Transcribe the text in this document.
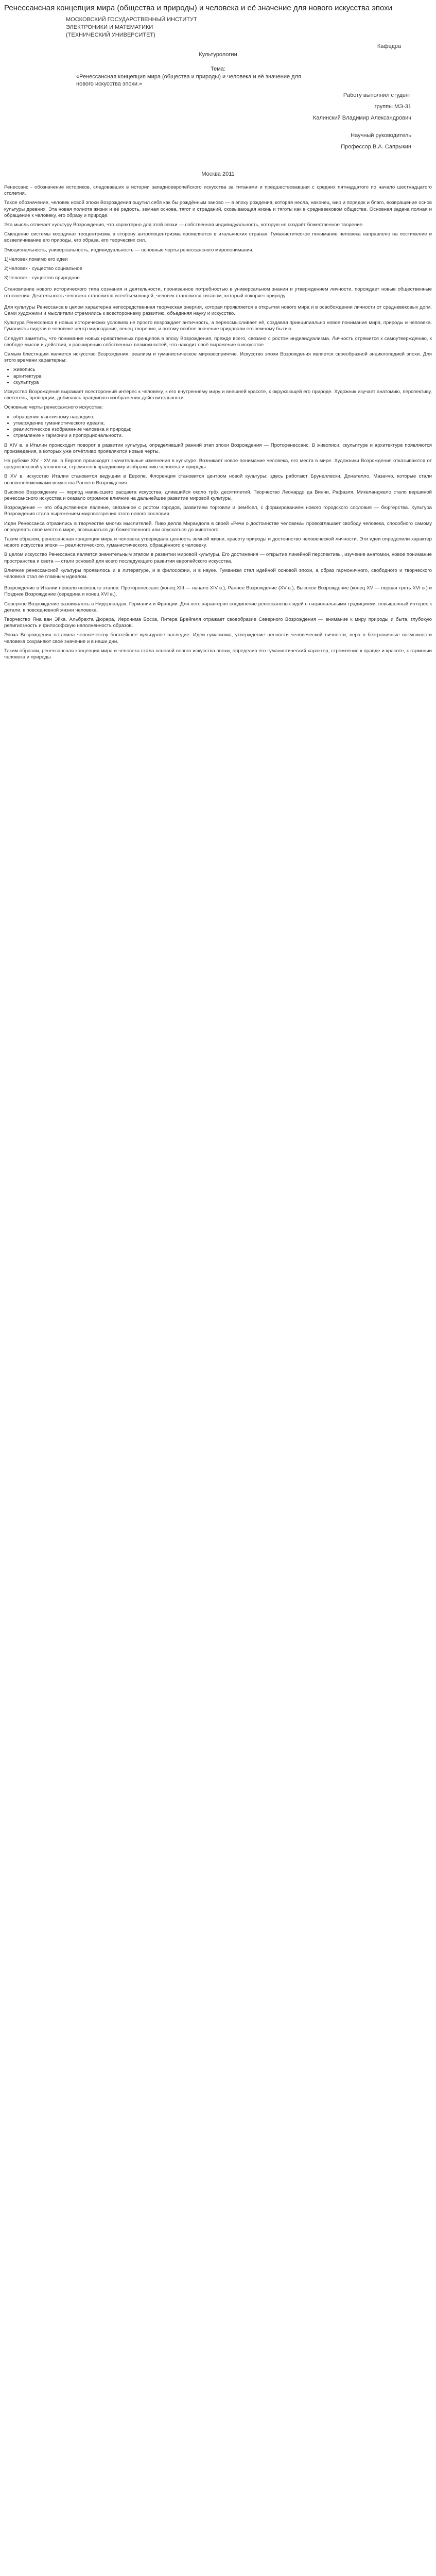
Ренессансная концепция мира (общества и природы) и человека и её значение для нового искусства эпохи
МОСКОВСКИЙ ГОСУДАРСТВЕННЫЙ ИНСТИТУТ
ЭЛЕКТРОНИКИ И МАТЕМАТИКИ
(ТЕХНИЧЕСКИЙ УНИВЕРСИТЕТ)
Кафедра
Культурологии
Тема:
«Ренессансная концепция мира (общества и природы) и человека и её значение для нового искусства эпохи.»
Работу выполнил студент
группы МЭ-31
Калинский Владимир Александрович
Научный руководитель
Профессор В.А. Сапрыкин
Москва 2011

Ренессанс - обозначение историков, следовавших в истории западноевропейского искусства за титанами и предшествовавшая с средних пятнадцатого по начало шестнадцатого столетия.

Такое обозначение, человек новой эпохи Возрождения ощутил себя как бы рождённым заново — в эпоху рождения, которая несла, наконец, мир и порядок и благо, возвращение основ культуры древних. Эта новая полнота жизни и её радость, земная основа, тягот и страданий, сковывающая жизнь и тяготы как в средневековом обществе. Основная задача полная и обращение к человеку, его образу и природе.

Эта мысль отличает культуру Возрождения, что характерно для этой эпохи — собственная индивидуальность, которую не создаёт божественное творение.

Смещение системы координат теоцентризма в сторону антропоцентризма проявляется в итальянских странах. Гуманистическое понимание человека направлено на постижение и возвеличивание его природы, его образа, его творческих сил.

Эмоциональность, универсальность, индивидуальность — основные черты ренессансного миропонимания.

1)Человек помимо его идеи

2)Человек - существо социальное

3)Человек - существо природное

Становление нового исторического типа сознания и деятельности, пронизанное потребностью в универсальном знании и утверждением личности, порождает новые общественные отношения. Деятельность человека становится всеобъемлющей, человек становится титаном, который покоряет природу.

Для культуры Ренессанса в целом характерна непосредственная творческая энергия, которая проявляется в открытии нового мира и в освобождении личности от средневековых догм. Сами художники и мыслители стремились к всестороннему развитию, объединяя науку и искусство.

Культура Ренессанса в новых исторических условиях не просто возрождает античность, а переосмысливает её, создавая принципиально новое понимание мира, природы и человека. Гуманисты видели в человеке центр мироздания, венец творения, и потому особое значение придавали его земному бытию.

Следует заметить, что понимание новых нравственных принципов в эпоху Возрождения, прежде всего, связано с ростом индивидуализма. Личность стремится к самоутверждению, к свободе мысли и действия, к расширению собственных возможностей, что находит своё выражение в искусстве.

Самым блестящим является искусство Возрождения: реализм и гуманистическое мировосприятие. Искусство эпохи Возрождения является своеобразной энциклопедией эпохи. Для этого времени характерны:

• живопись
• архитектура
• скульптура

Искусство Возрождения выражает всесторонний интерес к человеку, к его внутреннему миру и внешней красоте, к окружающей его природе. Художник изучает анатомию, перспективу, светотень, пропорции, добиваясь правдивого изображения действительности.

Основные черты ренессансного искусства:

• обращение к античному наследию;
• утверждение гуманистического идеала;
• реалистическое изображение человека и природы;
• стремление к гармонии и пропорциональности.

В XIV в. в Италии происходит поворот в развитии культуры, определивший ранний этап эпохи Возрождения — Проторенессанс. В живописи, скульптуре и архитектуре появляются произведения, в которых уже отчётливо проявляются новые черты.

На рубеже XIV - XV вв. в Европе происходят значительные изменения в культуре. Возникает новое понимание человека, его места в мире. Художники Возрождения отказываются от средневековой условности, стремятся к правдивому изображению человека и природы.

В XV в. искусство Италии становится ведущим в Европе. Флоренция становится центром новой культуры: здесь работают Брунеллески, Донателло, Мазаччо, которые стали основоположниками искусства Раннего Возрождения.

Высокое Возрождение — период наивысшего расцвета искусства, длившийся около трёх десятилетий. Творчество Леонардо да Винчи, Рафаэля, Микеланджело стало вершиной ренессансного искусства и оказало огромное влияние на дальнейшее развитие мировой культуры.

Возрождение — это общественное явление, связанное с ростом городов, развитием торговли и ремёсел, с формированием нового городского сословия — бюргерства. Культура Возрождения стала выражением мировоззрения этого нового сословия.

Идеи Ренессанса отразились в творчестве многих мыслителей. Пико делла Мирандола в своей «Речи о достоинстве человека» провозглашает свободу человека, способного самому определять своё место в мире, возвышаться до божественного или опускаться до животного.

Таким образом, ренессансная концепция мира и человека утверждала ценность земной жизни, красоту природы и достоинство человеческой личности. Эти идеи определили характер нового искусства эпохи — реалистического, гуманистического, обращённого к человеку.

В целом искусство Ренессанса является значительным этапом в развитии мировой культуры. Его достижения — открытие линейной перспективы, изучение анатомии, новое понимание пространства и света — стали основой для всего последующего развития европейского искусства.

Влияние ренессансной культуры проявилось и в литературе, и в философии, и в науке. Гуманизм стал идейной основой эпохи, а образ гармоничного, свободного и творческого человека стал её главным идеалом.

Возрождение в Италии прошло несколько этапов: Проторенессанс (конец XIII — начало XIV в.), Раннее Возрождение (XV в.), Высокое Возрождение (конец XV — первая треть XVI в.) и Позднее Возрождение (середина и конец XVI в.).

Северное Возрождение развивалось в Нидерландах, Германии и Франции. Для него характерно соединение ренессансных идей с национальными традициями, повышенный интерес к детали, к повседневной жизни человека.

Творчество Яна ван Эйка, Альбрехта Дюрера, Иеронима Босха, Питера Брейгеля отражает своеобразие Северного Возрождения — внимание к миру природы и быта, глубокую религиозность и философскую наполненность образов.

Эпоха Возрождения оставила человечеству богатейшее культурное наследие. Идеи гуманизма, утверждение ценности человеческой личности, вера в безграничные возможности человека сохраняют своё значение и в наши дни.

Таким образом, ренессансная концепция мира и человека стала основой нового искусства эпохи, определив его гуманистический характер, стремление к правде и красоте, к гармонии человека и природы.
